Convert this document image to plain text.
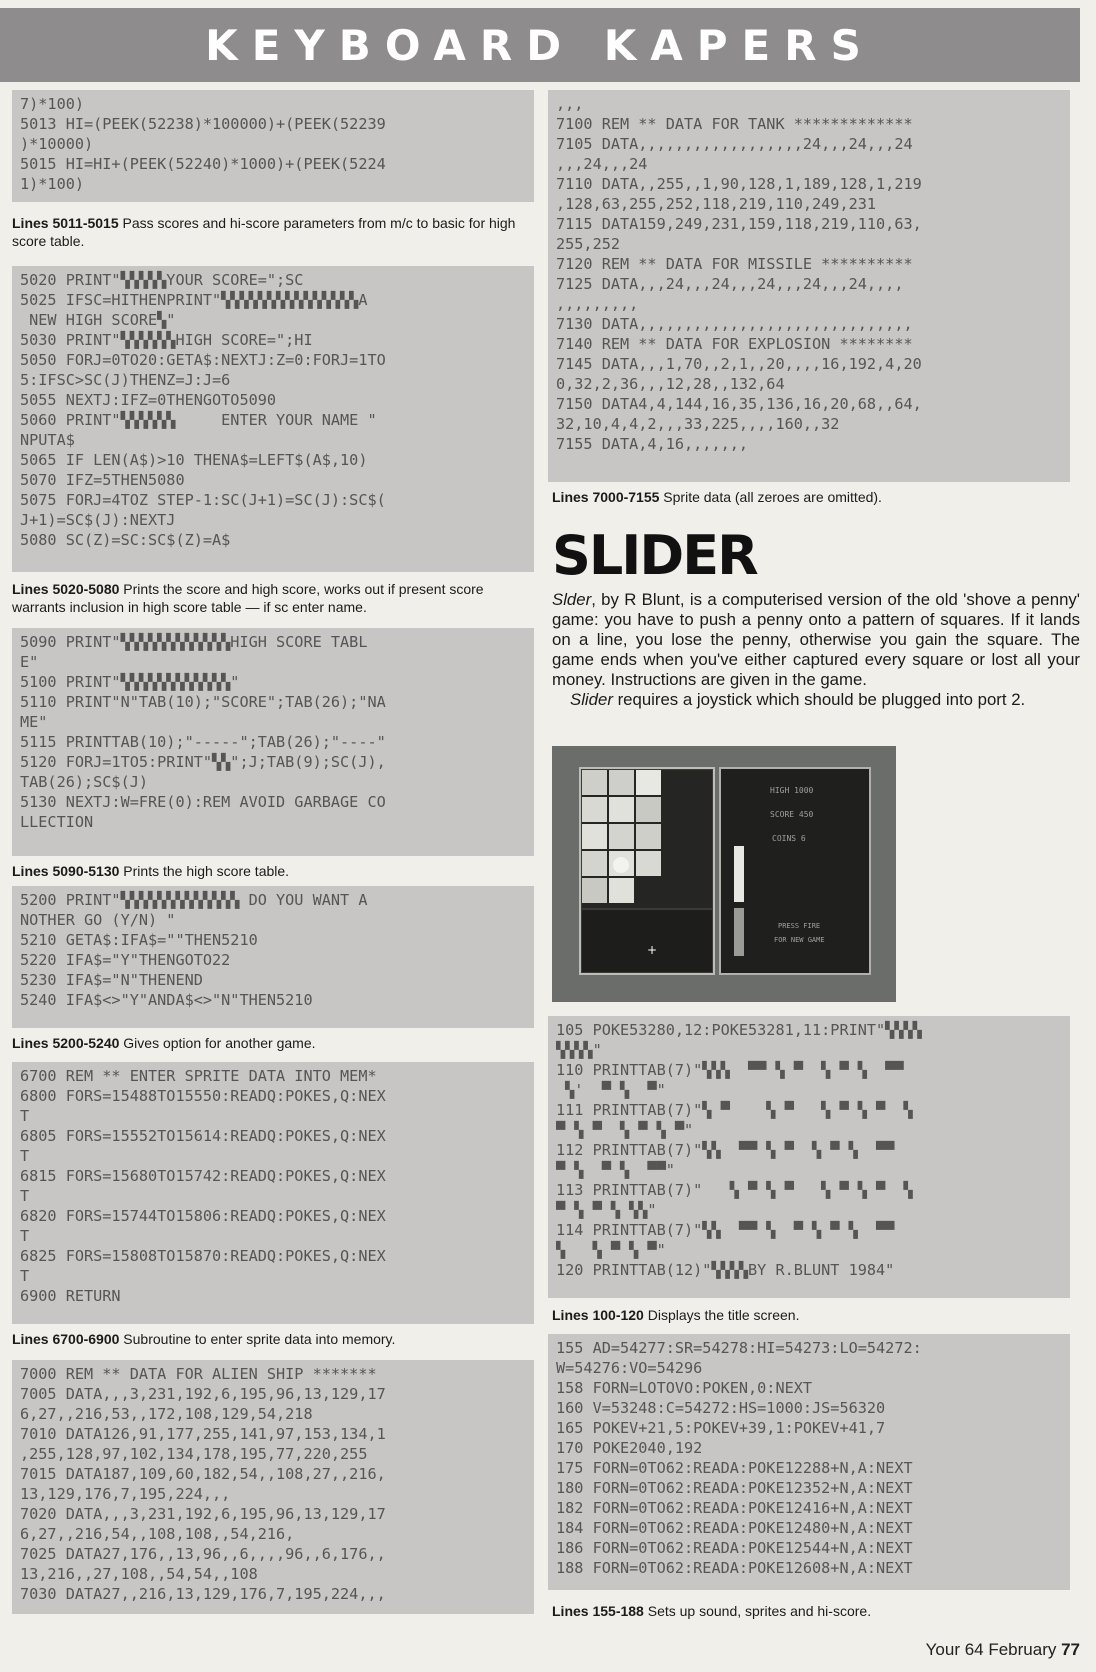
KEYBOARD KAPERS
7)*100)
5013 HI=(PEEK(52238)*100000)+(PEEK(52239
)*10000)
5015 HI=HI+(PEEK(52240)*1000)+(PEEK(5224
1)*100)
Lines 5011-5015 Pass scores and hi-score parameters from m/c to basic for high score table.
5020 PRINT"▚▚▚▚▚YOUR SCORE=";SC
5025 IFSC=HITHENPRINT"▚▚▚▚▚▚▚▚▚▚▚▚▚▚▚A
NEW HIGH SCORE▚"
5030 PRINT"▚▚▚▚▚▚HIGH SCORE=";HI
5050 FORJ=0TO20:GETA$:NEXTJ:Z=0:FORJ=1TO
5:IFSC>SC(J)THENZ=J:J=6
5055 NEXTJ:IFZ=0THENGOTO5090
5060 PRINT"▚▚▚▚▚▚     ENTER YOUR NAME "
NPUTA$
5065 IF LEN(A$)>10 THENA$=LEFT$(A$,10)
5070 IFZ=5THEN5080
5075 FORJ=4TOZ STEP-1:SC(J+1)=SC(J):SC$(
J+1)=SC$(J):NEXTJ
5080 SC(Z)=SC:SC$(Z)=A$
Lines 5020-5080 Prints the score and high score, works out if present score warrants inclusion in high score table — if sc enter name.
5090 PRINT"▚▚▚▚▚▚▚▚▚▚▚▚HIGH SCORE TABL
E"
5100 PRINT"▚▚▚▚▚▚▚▚▚▚▚▚"
5110 PRINT"N"TAB(10);"SCORE";TAB(26);"NA
ME"
5115 PRINTTAB(10);"-----";TAB(26);"----"
5120 FORJ=1TO5:PRINT"▚▚";J;TAB(9);SC(J),
TAB(26);SC$(J)
5130 NEXTJ:W=FRE(0):REM AVOID GARBAGE CO
LLECTION
Lines 5090-5130 Prints the high score table.
5200 PRINT"▚▚▚▚▚▚▚▚▚▚▚▚▚ DO YOU WANT A
NOTHER GO (Y/N) "
5210 GETA$:IFA$=""THEN5210
5220 IFA$="Y"THENGOTO22
5230 IFA$="N"THENEND
5240 IFA$<>"Y"ANDA$<>"N"THEN5210
Lines 5200-5240 Gives option for another game.
6700 REM ** ENTER SPRITE DATA INTO MEM*
6800 FORS=15488TO15550:READQ:POKES,Q:NEX
T
6805 FORS=15552TO15614:READQ:POKES,Q:NEX
T
6815 FORS=15680TO15742:READQ:POKES,Q:NEX
T
6820 FORS=15744TO15806:READQ:POKES,Q:NEX
T
6825 FORS=15808TO15870:READQ:POKES,Q:NEX
T
6900 RETURN
Lines 6700-6900 Subroutine to enter sprite data into memory.
7000 REM ** DATA FOR ALIEN SHIP *******
7005 DATA,,,3,231,192,6,195,96,13,129,17
6,27,,216,53,,172,108,129,54,218
7010 DATA126,91,177,255,141,97,153,134,1
,255,128,97,102,134,178,195,77,220,255
7015 DATA187,109,60,182,54,,108,27,,216,
13,129,176,7,195,224,,,
7020 DATA,,,3,231,192,6,195,96,13,129,17
6,27,,216,54,,108,108,,54,216,
7025 DATA27,176,,13,96,,6,,,,96,,6,176,,
13,216,,27,108,,54,54,,108
7030 DATA27,,216,13,129,176,7,195,224,,,
,,,
7100 REM ** DATA FOR TANK *************
7105 DATA,,,,,,,,,,,,,,,,,,24,,,24,,,24
,,,24,,,24
7110 DATA,,255,,1,90,128,1,189,128,1,219
,128,63,255,252,118,219,110,249,231
7115 DATA159,249,231,159,118,219,110,63,
255,252
7120 REM ** DATA FOR MISSILE **********
7125 DATA,,,24,,,24,,,24,,,24,,,24,,,,
,,,,,,,,,
7130 DATA,,,,,,,,,,,,,,,,,,,,,,,,,,,,,,
7140 REM ** DATA FOR EXPLOSION ********
7145 DATA,,,1,70,,2,1,,20,,,,16,192,4,20
0,32,2,36,,,12,28,,132,64
7150 DATA4,4,144,16,35,136,16,20,68,,64,
32,10,4,4,2,,,33,225,,,,160,,32
7155 DATA,4,16,,,,,,,
Lines 7000-7155 Sprite data (all zeroes are omitted).
SLIDER

Slder, by R Blunt, is a computerised version of the old 'shove a penny' game: you have to push a penny onto a pattern of squares. If it lands on a line, you lose the penny, otherwise you gain the square. The game ends when you've either captured every square or lost all your money. Instructions are given in the game.

Slider requires a joystick which should be plugged into port 2.

+
HIGH 1000
SCORE 450
COINS 6
PRESS FIRE
FOR NEW GAME
105 POKE53280,12:POKE53281,11:PRINT"▚▚▚▚
▚▚▚▚"
110 PRINTTAB(7)"▚▚▚  ▀▀ ▚ ▀  ▚ ▀ ▚  ▀▀
▚'  ▀ ▚  ▀"
111 PRINTTAB(7)"▚ ▀    ▚ ▀   ▚ ▀ ▚ ▀  ▚
▀ ▚ ▀  ▚ ▀ ▚ ▀"
112 PRINTTAB(7)"▚▚  ▀▀ ▚ ▀  ▚ ▀ ▚  ▀▀
▀ ▚  ▀ ▚  ▀▀"
113 PRINTTAB(7)"   ▚ ▀ ▚ ▀   ▚ ▀ ▚ ▀  ▚
▀ ▚ ▀ ▚ ▚▚"
114 PRINTTAB(7)"▚▚  ▀▀ ▚  ▀ ▚ ▀ ▚  ▀▀
▚   ▚ ▀ ▚ ▀"
120 PRINTTAB(12)"▚▚▚▚BY R.BLUNT 1984"
Lines 100-120 Displays the title screen.
155 AD=54277:SR=54278:HI=54273:LO=54272:
W=54276:VO=54296
158 FORN=LOTOVO:POKEN,0:NEXT
160 V=53248:C=54272:HS=1000:JS=56320
165 POKEV+21,5:POKEV+39,1:POKEV+41,7
170 POKE2040,192
175 FORN=0TO62:READA:POKE12288+N,A:NEXT
180 FORN=0TO62:READA:POKE12352+N,A:NEXT
182 FORN=0TO62:READA:POKE12416+N,A:NEXT
184 FORN=0TO62:READA:POKE12480+N,A:NEXT
186 FORN=0TO62:READA:POKE12544+N,A:NEXT
188 FORN=0TO62:READA:POKE12608+N,A:NEXT
Lines 155-188 Sets up sound, sprites and hi-score.
Your 64 February 77
